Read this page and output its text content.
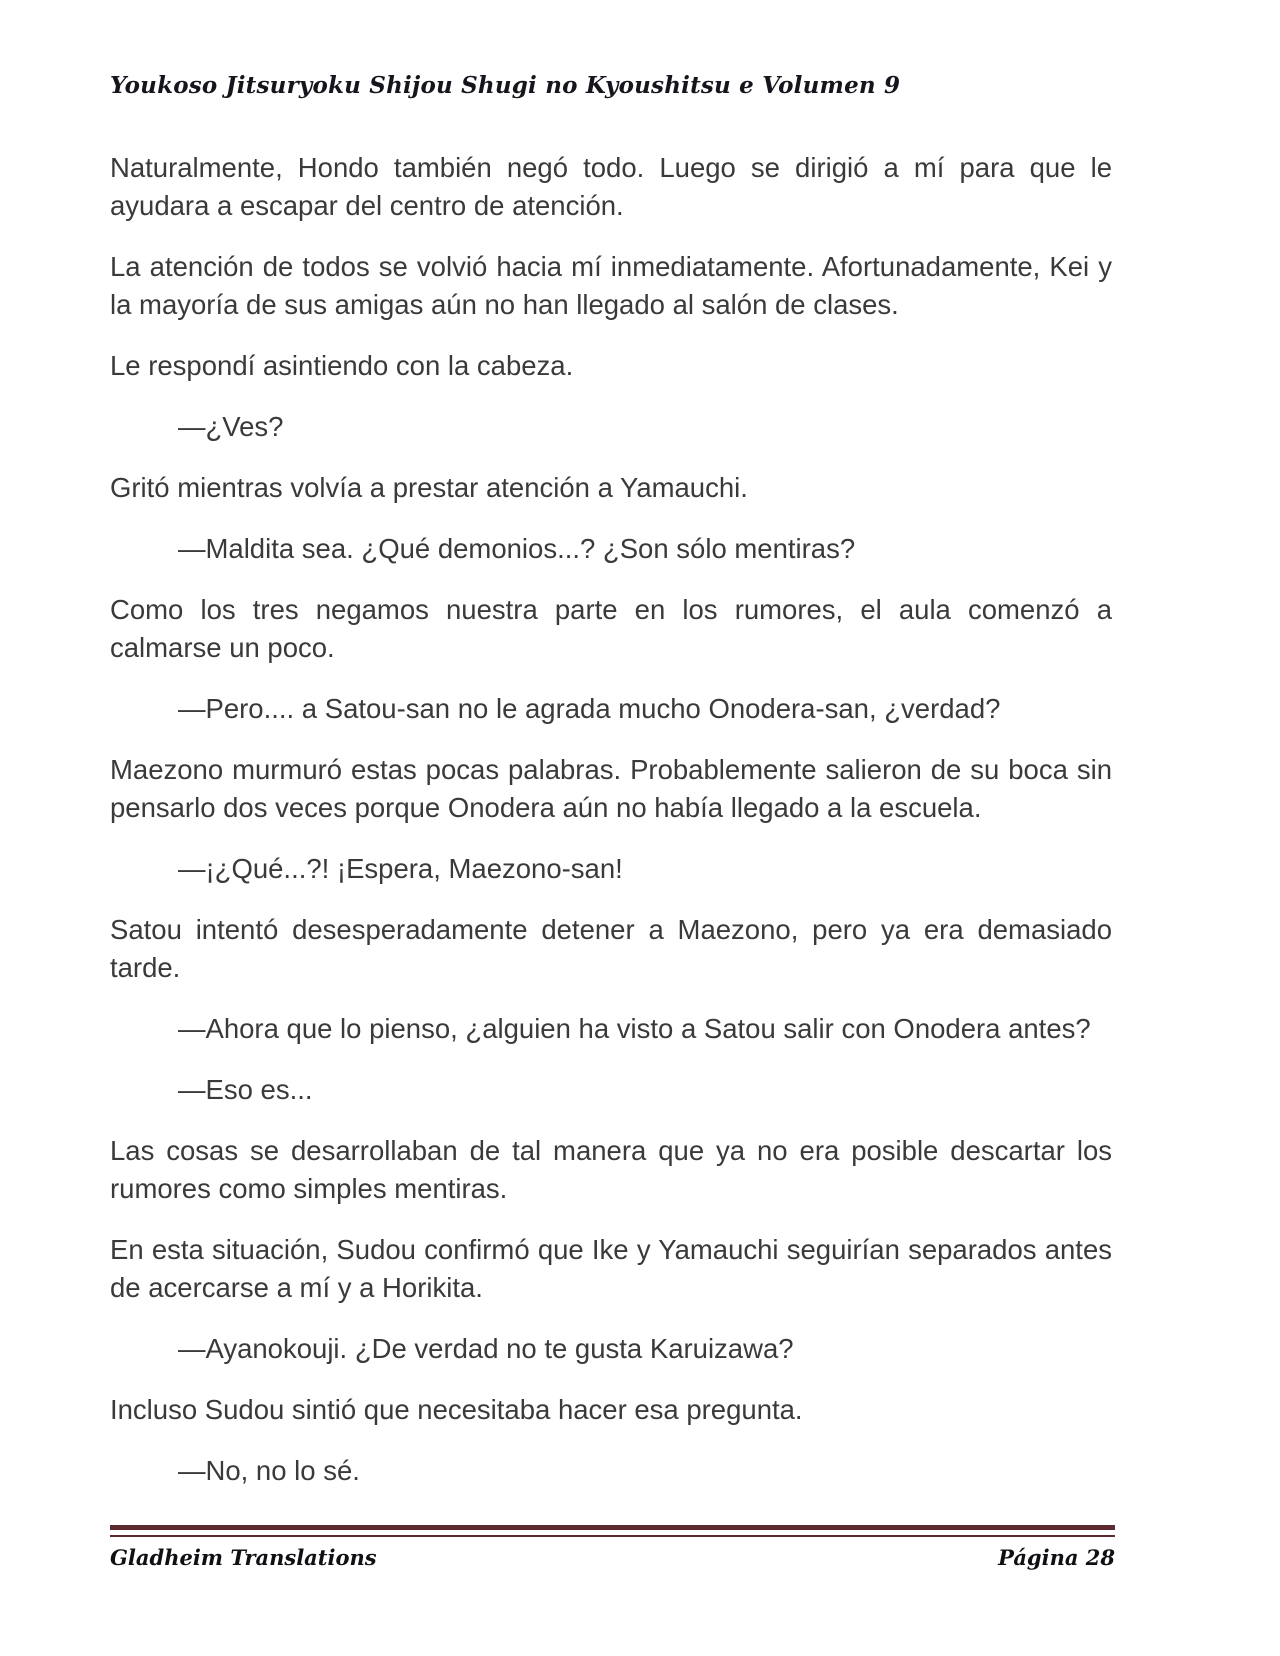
Youkoso Jitsuryoku Shijou Shugi no Kyoushitsu e Volumen 9

Naturalmente, Hondo también negó todo. Luego se dirigió a mí para que le ayudara a escapar del centro de atención.

La atención de todos se volvió hacia mí inmediatamente. Afortunadamente, Kei y la mayoría de sus amigas aún no han llegado al salón de clases.

Le respondí asintiendo con la cabeza.

—¿Ves?

Gritó mientras volvía a prestar atención a Yamauchi.

—Maldita sea. ¿Qué demonios...? ¿Son sólo mentiras?

Como los tres negamos nuestra parte en los rumores, el aula comenzó a calmarse un poco.

—Pero.... a Satou-san no le agrada mucho Onodera-san, ¿verdad?

Maezono murmuró estas pocas palabras. Probablemente salieron de su boca sin pensarlo dos veces porque Onodera aún no había llegado a la escuela.

—¡¿Qué...?! ¡Espera, Maezono-san!

Satou intentó desesperadamente detener a Maezono, pero ya era demasiado tarde.

—Ahora que lo pienso, ¿alguien ha visto a Satou salir con Onodera antes?

—Eso es...

Las cosas se desarrollaban de tal manera que ya no era posible descartar los rumores como simples mentiras.

En esta situación, Sudou confirmó que Ike y Yamauchi seguirían separados antes de acercarse a mí y a Horikita.

—Ayanokouji. ¿De verdad no te gusta Karuizawa?

Incluso Sudou sintió que necesitaba hacer esa pregunta.

—No, no lo sé.

Gladheim Translations	Página 28
